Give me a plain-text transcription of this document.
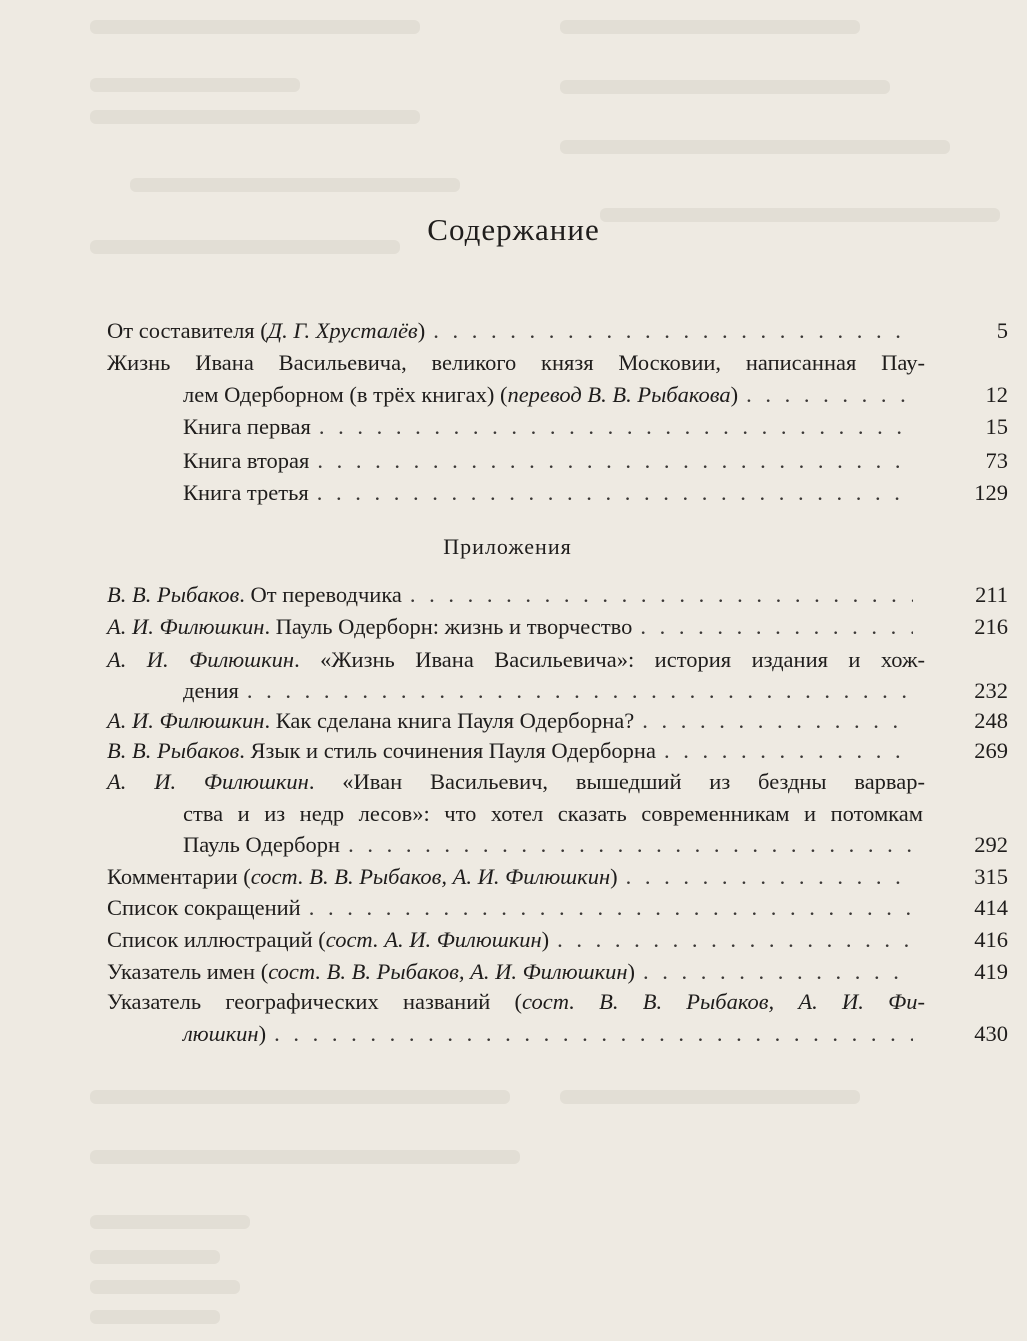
Содержание
От составителя ( Д. Г. Хрусталёв ) . . .	5
Жизнь Ивана Васильевича, великого князя Московии, написанная Пау-
лем Одерборном (в трёх книгах) ( перевод В. В. Рыбакова ) . . .	12
Книга первая . . .	15
Книга вторая . . .	73
Книга третья . . .	129
Приложения
В. В. Рыбаков . От переводчика . . .	211
А. И. Филюшкин . Пауль Одерборн: жизнь и творчество . . .	216
А. И. Филюшкин. «Жизнь Ивана Васильевича»: история издания и хож-
дения . . .	232
А. И. Филюшкин . Как сделана книга Пауля Одерборна? . . .	248
В. В. Рыбаков . Язык и стиль сочинения Пауля Одерборна . . .	269
А. И. Филюшкин. «Иван Васильевич, вышедший из бездны варвар-
ства и из недр лесов»: что хотел сказать современникам и потомкам
Пауль Одерборн . . .	292
Комментарии ( сост. В. В. Рыбаков, А. И. Филюшкин ) . . .	315
Список сокращений . . .	414
Список иллюстраций ( сост. А. И. Филюшкин ) . . .	416
Указатель имен ( сост. В. В. Рыбаков, А. И. Филюшкин ) . . .	419
Указатель географических названий (сост. В. В. Рыбаков, А. И. Фи-
люшкин ) . . .	430
